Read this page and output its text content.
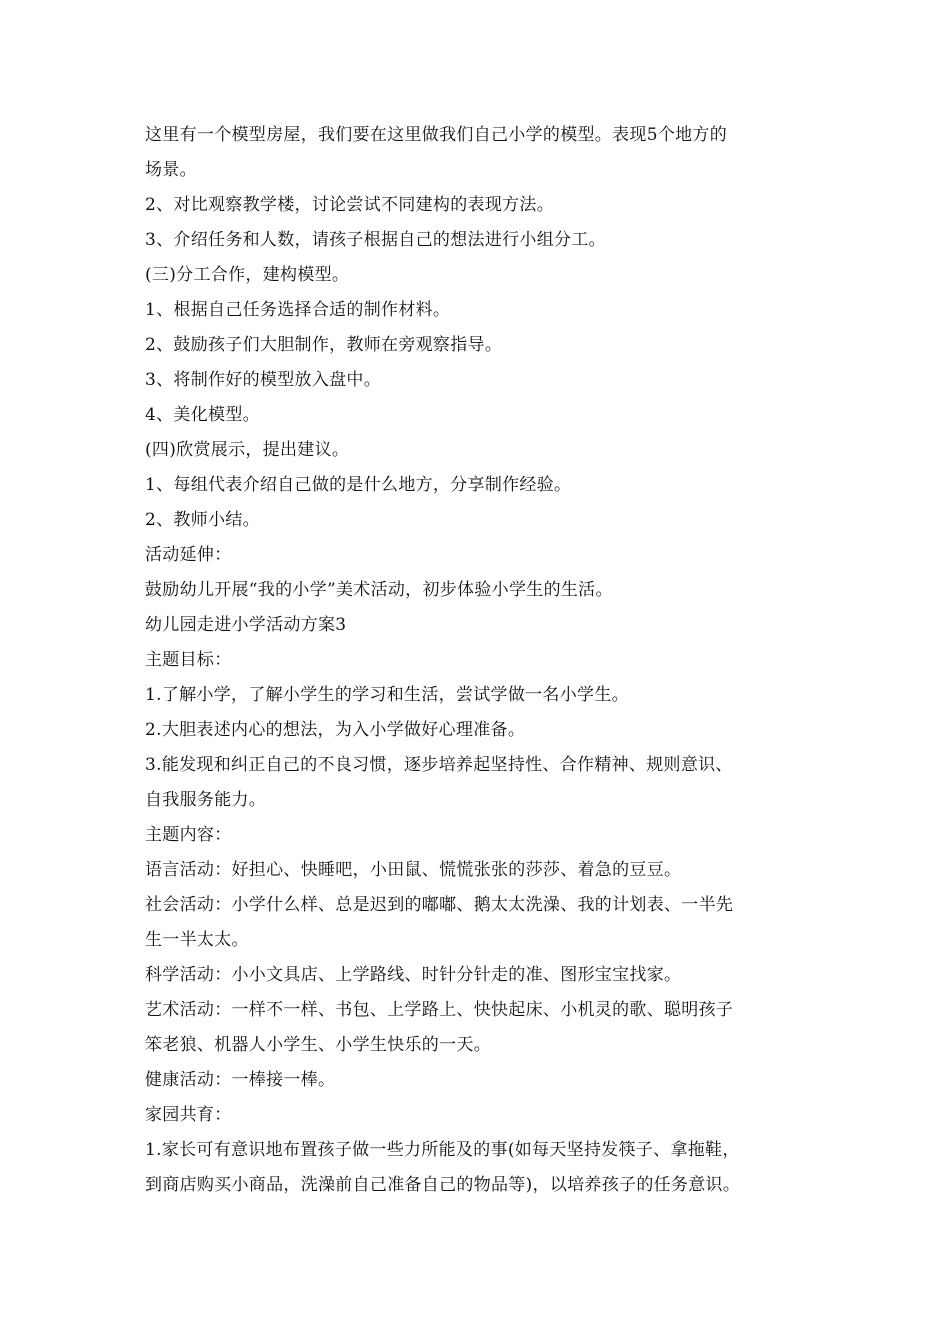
这里有一个模型房屋，我们要在这里做我们自己小学的模型。表现5个地方的
场景。
2、对比观察教学楼，讨论尝试不同建构的表现方法。
3、介绍任务和人数，请孩子根据自己的想法进行小组分工。
(三)分工合作，建构模型。
1、根据自己任务选择合适的制作材料。
2、鼓励孩子们大胆制作，教师在旁观察指导。
3、将制作好的模型放入盘中。
4、美化模型。
(四)欣赏展示，提出建议。
1、每组代表介绍自己做的是什么地方，分享制作经验。
2、教师小结。
活动延伸：
鼓励幼儿开展“我的小学”美术活动，初步体验小学生的生活。
幼儿园走进小学活动方案3
主题目标：
1.了解小学，了解小学生的学习和生活，尝试学做一名小学生。
2.大胆表述内心的想法，为入小学做好心理准备。
3.能发现和纠正自己的不良习惯，逐步培养起坚持性、合作精神、规则意识、
自我服务能力。
主题内容：
语言活动：好担心、快睡吧，小田鼠、慌慌张张的莎莎、着急的豆豆。
社会活动：小学什么样、总是迟到的嘟嘟、鹅太太洗澡、我的计划表、一半先
生一半太太。
科学活动：小小文具店、上学路线、时针分针走的准、图形宝宝找家。
艺术活动：一样不一样、书包、上学路上、快快起床、小机灵的歌、聪明孩子
笨老狼、机器人小学生、小学生快乐的一天。
健康活动：一棒接一棒。
家园共育：
1.家长可有意识地布置孩子做一些力所能及的事(如每天坚持发筷子、拿拖鞋，
到商店购买小商品，洗澡前自己准备自己的物品等)，以培养孩子的任务意识。
